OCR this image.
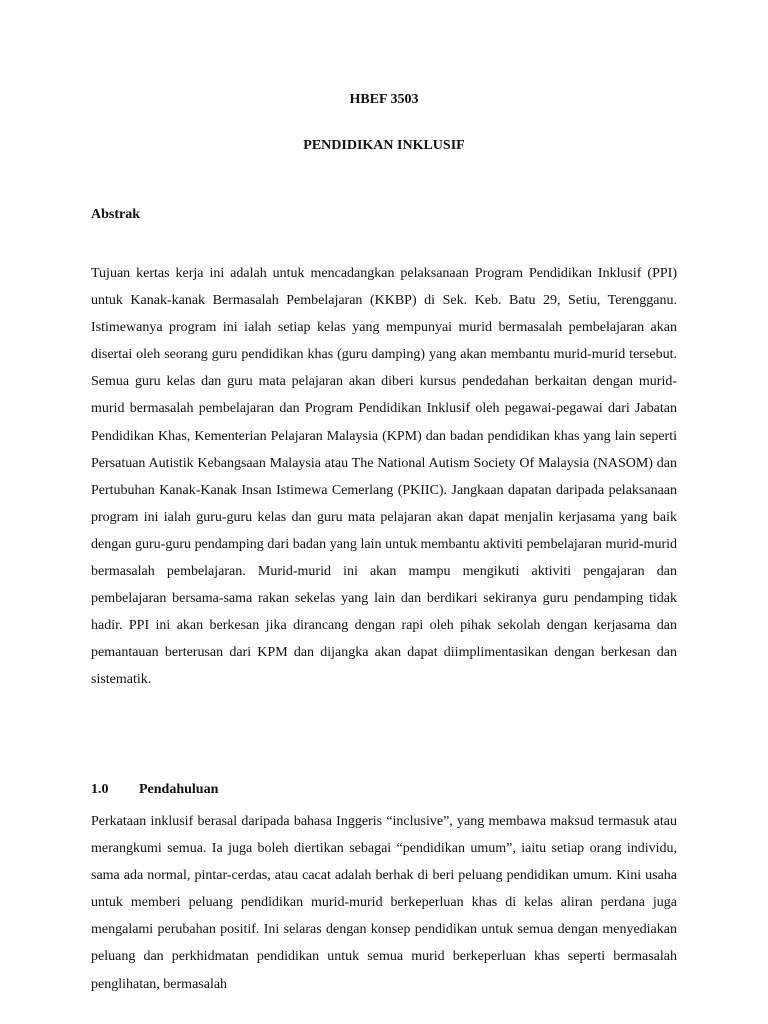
HBEF 3503

PENDIDIKAN INKLUSIF

Abstrak

Tujuan kertas kerja ini adalah untuk mencadangkan pelaksanaan Program Pendidikan Inklusif (PPI) untuk Kanak-kanak Bermasalah Pembelajaran (KKBP) di Sek. Keb. Batu 29, Setiu, Terengganu. Istimewanya program ini ialah setiap kelas yang mempunyai murid bermasalah pembelajaran akan disertai oleh seorang guru pendidikan khas (guru damping) yang akan membantu murid-murid tersebut. Semua guru kelas dan guru mata pelajaran akan diberi kursus pendedahan berkaitan dengan murid-murid bermasalah pembelajaran dan Program Pendidikan Inklusif oleh pegawai-pegawai dari Jabatan Pendidikan Khas, Kementerian Pelajaran Malaysia (KPM) dan badan pendidikan khas yang lain seperti Persatuan Autistik Kebangsaan Malaysia atau The National Autism Society Of Malaysia (NASOM) dan Pertubuhan Kanak-Kanak Insan Istimewa Cemerlang (PKIIC). Jangkaan dapatan daripada pelaksanaan program ini ialah guru-guru kelas dan guru mata pelajaran akan dapat menjalin kerjasama yang baik dengan guru-guru pendamping dari badan yang lain untuk membantu aktiviti pembelajaran murid-murid bermasalah pembelajaran. Murid-murid ini akan mampu mengikuti aktiviti pengajaran dan pembelajaran bersama-sama rakan sekelas yang lain dan berdikari sekiranya guru pendamping tidak hadir. PPI ini akan berkesan jika dirancang dengan rapi oleh pihak sekolah dengan kerjasama dan pemantauan berterusan dari KPM dan dijangka akan dapat diimplimentasikan dengan berkesan dan sistematik.

1.0	Pendahuluan

Perkataan inklusif berasal daripada bahasa Inggeris “inclusive”, yang membawa maksud termasuk atau merangkumi semua. Ia juga boleh diertikan sebagai “pendidikan umum”, iaitu setiap orang individu, sama ada normal, pintar-cerdas, atau cacat adalah berhak di beri peluang pendidikan umum. Kini usaha untuk memberi peluang pendidikan murid-murid berkeperluan khas di kelas aliran perdana juga mengalami perubahan positif. Ini selaras dengan konsep pendidikan untuk semua dengan menyediakan peluang dan perkhidmatan pendidikan untuk semua murid berkeperluan khas seperti bermasalah penglihatan, bermasalah
